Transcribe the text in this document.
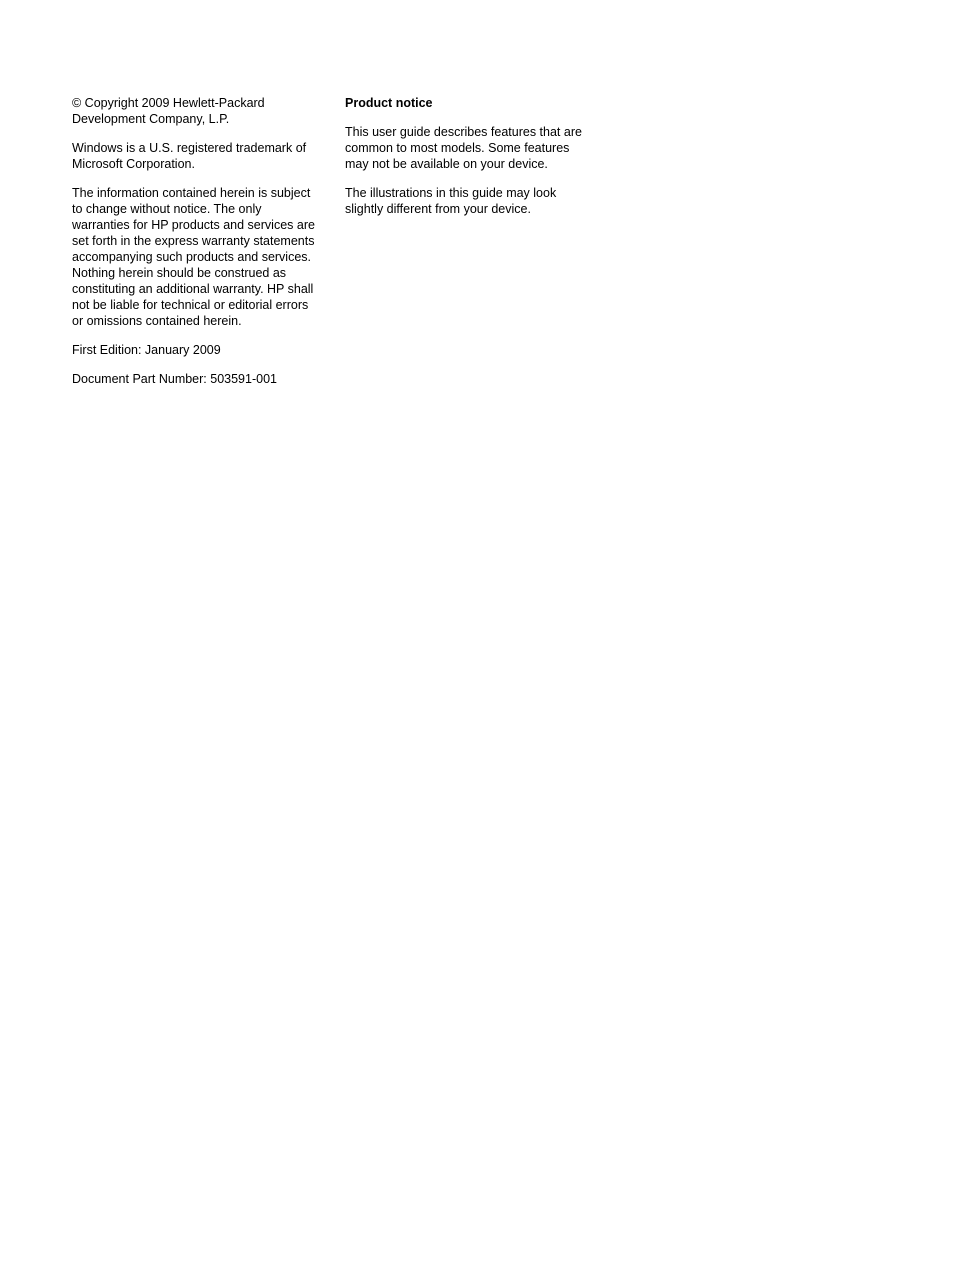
© Copyright 2009 Hewlett-Packard
Development Company, L.P.

Windows is a U.S. registered trademark of
Microsoft Corporation.

The information contained herein is subject
to change without notice. The only
warranties for HP products and services are
set forth in the express warranty statements
accompanying such products and services.
Nothing herein should be construed as
constituting an additional warranty. HP shall
not be liable for technical or editorial errors
or omissions contained herein.

First Edition: January 2009

Document Part Number: 503591-001

Product notice

This user guide describes features that are
common to most models. Some features
may not be available on your device.

The illustrations in this guide may look
slightly different from your device.
